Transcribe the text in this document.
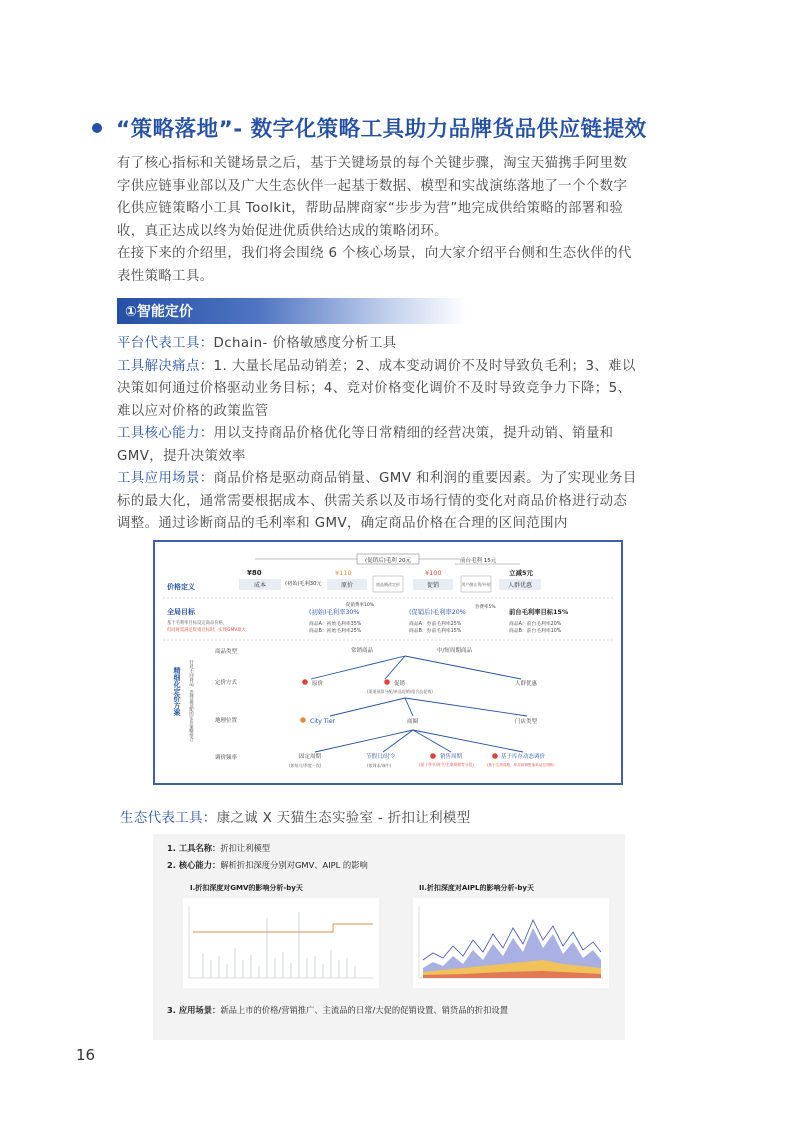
“策略落地”- 数字化策略工具助力品牌货品供应链提效
有了核心指标和关键场景之后，基于关键场景的每个关键步骤，淘宝天猫携手阿里数
字供应链事业部以及广大生态伙伴一起基于数据、模型和实战演练落地了一个个数字
化供应链策略小工具 Toolkit，帮助品牌商家“步步为营”地完成供给策略的部署和验
收，真正达成以终为始促进优质供给达成的策略闭环。
在接下来的介绍里，我们将会围绕 6 个核心场景，向大家介绍平台侧和生态伙伴的代
表性策略工具。
①智能定价
平台代表工具：Dchain- 价格敏感度分析工具
工具解决痛点：1. 大量长尾品动销差；2、成本变动调价不及时导致负毛利；3、难以
决策如何通过价格驱动业务目标；4、竞对价格变化调价不及时导致竞争力下降；5、
难以应对价格的政策监管
工具核心能力：用以支持商品价格优化等日常精细的经营决策，提升动销、销量和
GMV，提升决策效率
工具应用场景：商品价格是驱动商品销量、GMV 和利润的重要因素。为了实现业务目
标的最大化，通常需要根据成本、供需关系以及市场行情的变化对商品价格进行动态
调整。通过诊断商品的毛利率和 GMV，确定商品价格在合理的区间范围内
价格定义
(促销后)毛利 20元	前台毛利 15元
¥80
成本	(初始)毛利30元
¥110
原价	商品侧改定价
¥100
促销	用户侧让利/补贴
立减5元
人群优惠
全局目标
基于毛利率目标设定商品价格，
但同时需满足促销目标时，实现GMV最大
促销费率10%
(初始)毛利率30%	(促销后)毛利率20%
券费率5%
前台毛利率目标15%
商品A：初始毛利率35%
商品B：初始毛利率25%
商品A：券前毛利率25%
商品B：券前毛利率15%
商品A：前台毛利率20%
商品B：前台毛利率10%
精细化定价方案 针对不同商品，选择最适配的定价策略组合
商品类型
定价方式
地理位置
调价频率
常销商品	中/短周期商品
原价	促销
(渠道预算分配/单品促销/组合品促销)
人群优惠
City Tier	商圈	门店类型
固定周期
(如每月/季度一次)
节假日/时令
(如周末/端午)
销售周期
(基于季节/时令/生命周期等分段)
基于库存动态调价
(基于生命周期、库存和销售速率动态判断)
生态代表工具：康之诚 X 天猫生态实验室 - 折扣让利模型
1. 工具名称：折扣让利模型
2. 核心能力：解析折扣深度分别对GMV、AIPL 的影响
I.折扣深度对GMV的影响分析-by天	II.折扣深度对AIPL的影响分析-by天
3. 应用场景：新品上市的价格/营销推广、主流品的日常/大促的促销设置、销货品的折扣设置
16
